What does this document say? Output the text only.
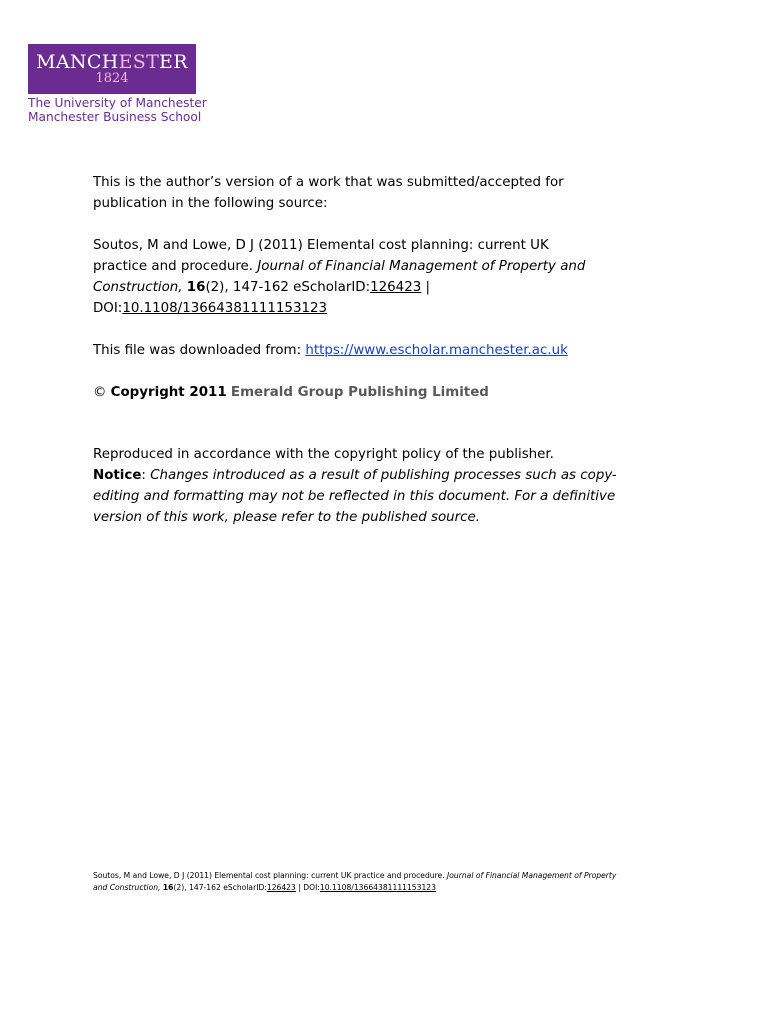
MANCHESTER
1824
The University of Manchester
Manchester Business School

This is the author’s version of a work that was submitted/accepted for
publication in the following source:

Soutos, M and Lowe, D J (2011) Elemental cost planning: current UK
practice and procedure. Journal of Financial Management of Property and
Construction, 16(2), 147-162 eScholarID:126423 |
DOI:10.1108/13664381111153123

This file was downloaded from: https://www.escholar.manchester.ac.uk

© Copyright 2011 Emerald Group Publishing Limited

Reproduced in accordance with the copyright policy of the publisher.
Notice: Changes introduced as a result of publishing processes such as copy-
editing and formatting may not be reflected in this document. For a definitive
version of this work, please refer to the published source.

Soutos, M and Lowe, D J (2011) Elemental cost planning: current UK practice and procedure. Journal of Financial Management of Property
and Construction, 16(2), 147-162 eScholarID:126423 | DOI:10.1108/13664381111153123
